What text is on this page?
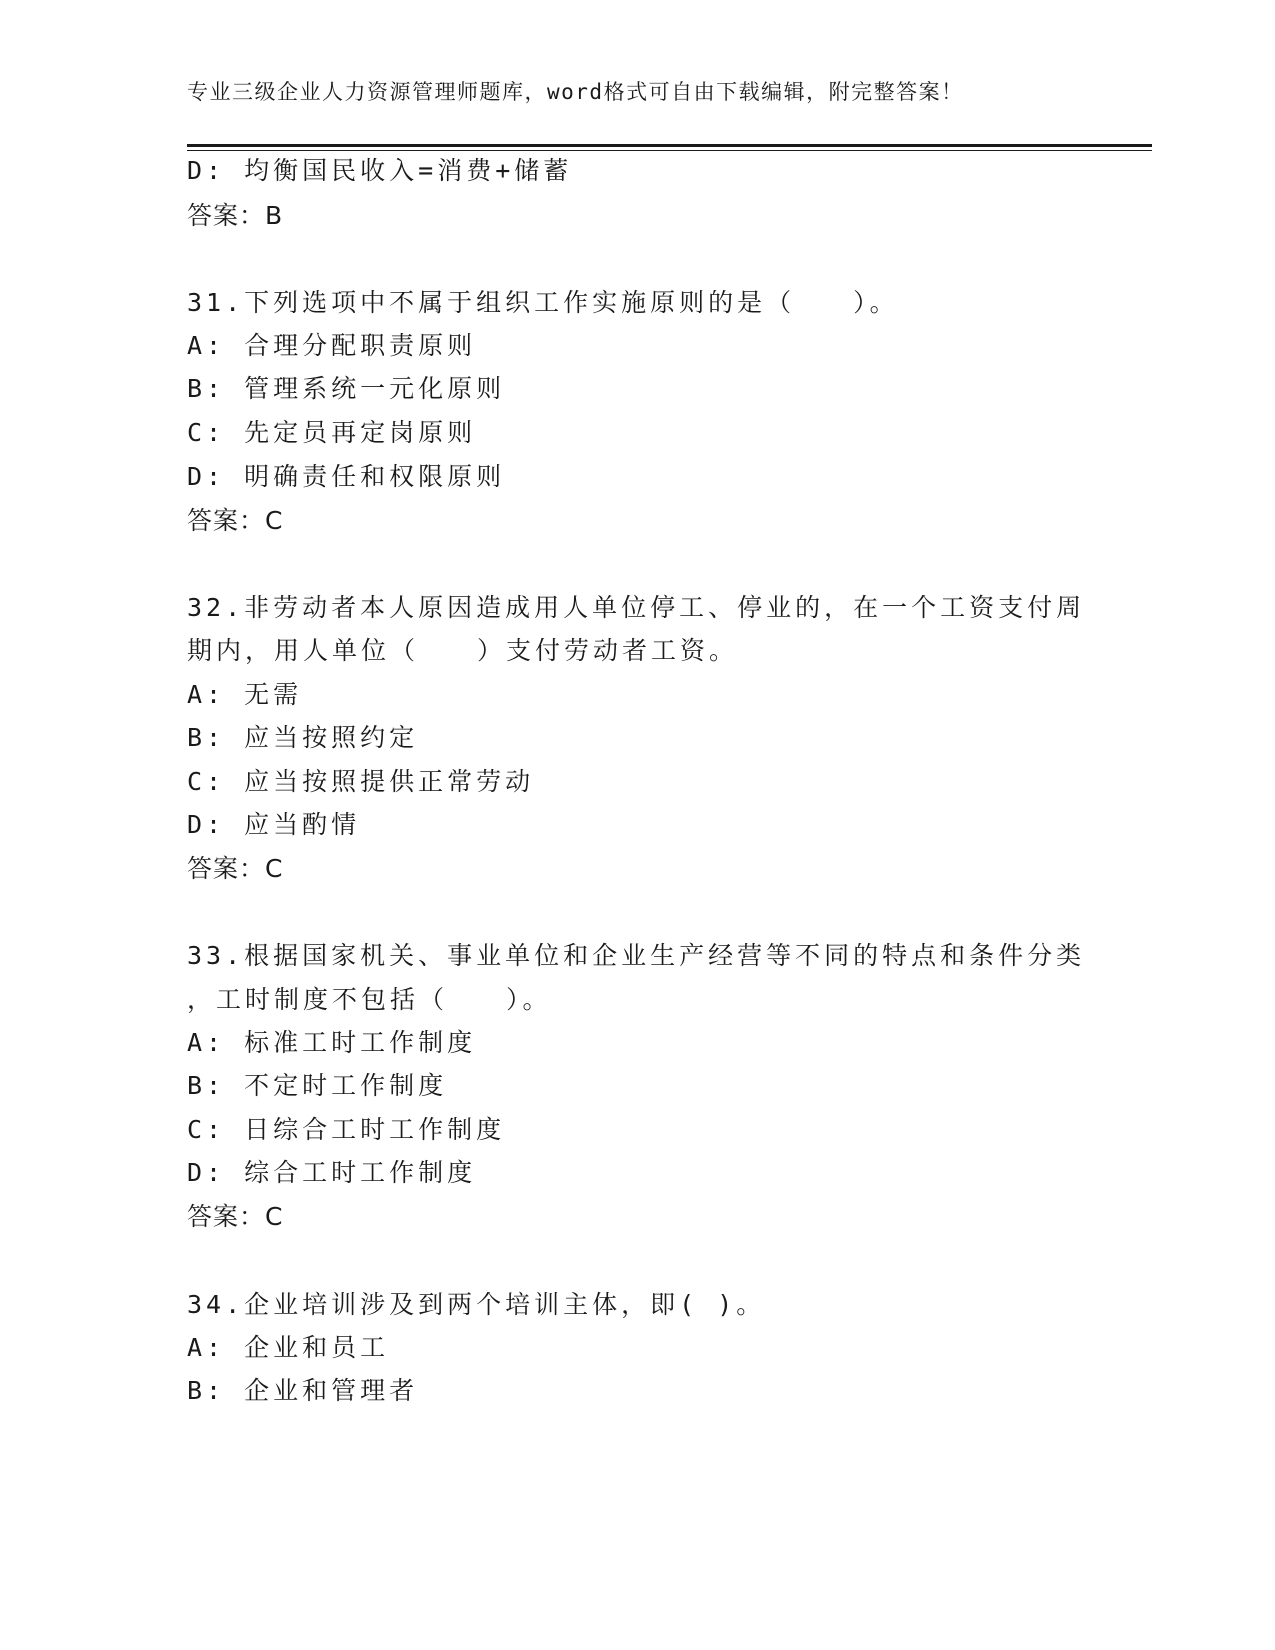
专业三级企业人力资源管理师题库，word格式可自由下载编辑，附完整答案！
D: 均衡国民收入=消费+储蓄
答案：B
31.下列选项中不属于组织工作实施原则的是（　　）。
A: 合理分配职责原则
B: 管理系统一元化原则
C: 先定员再定岗原则
D: 明确责任和权限原则
答案：C
32.非劳动者本人原因造成用人单位停工、停业的，在一个工资支付周
期内，用人单位（　　）支付劳动者工资。
A: 无需
B: 应当按照约定
C: 应当按照提供正常劳动
D: 应当酌情
答案：C
33.根据国家机关、事业单位和企业生产经营等不同的特点和条件分类
，工时制度不包括（　　）。
A: 标准工时工作制度
B: 不定时工作制度
C: 日综合工时工作制度
D: 综合工时工作制度
答案：C
34.企业培训涉及到两个培训主体，即( )。
A: 企业和员工
B: 企业和管理者
